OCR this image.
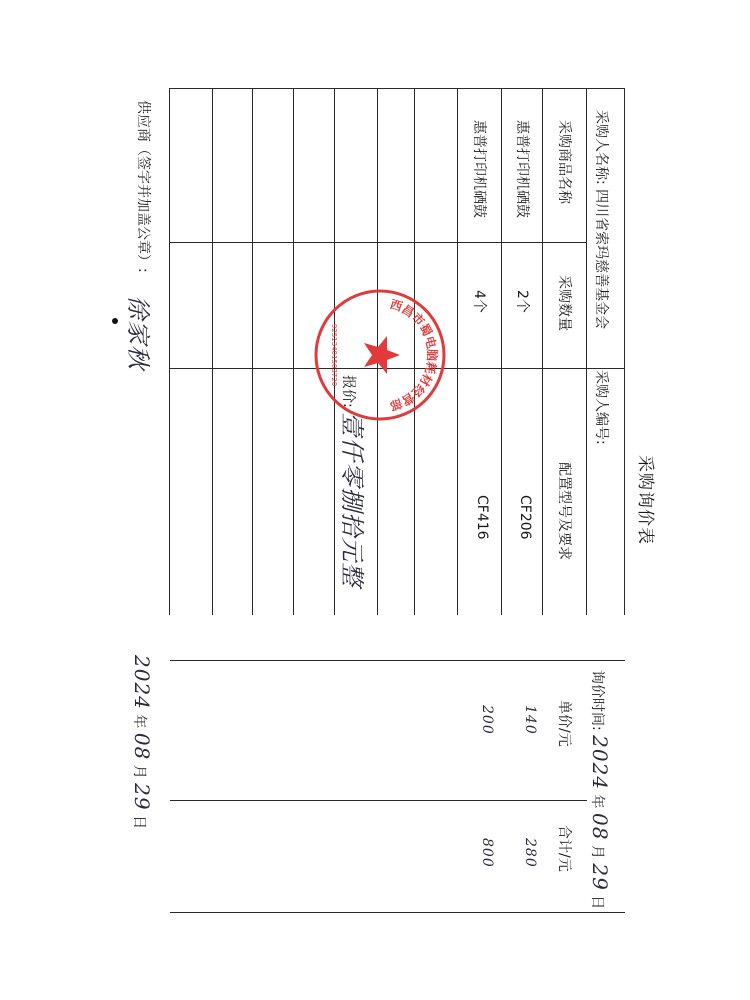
采购询价表
采购人名称: 四川省索玛慈善基金会
采购人编号:
询价时间: 2024 年 08 月 29 日
采购商品名称
采购数量
配置型号及要求
单价/元
合计/元
惠普打印机硒鼓
2个
CF206
140
280
惠普打印机硒鼓
4个
CF416
200
800
报价: 壹仟零捌拾元整
供应商（签字并加盖公章）:
徐家秋
2024 年 08 月 29 日
西昌市蜀电脑耗材经营部
92513401503720
